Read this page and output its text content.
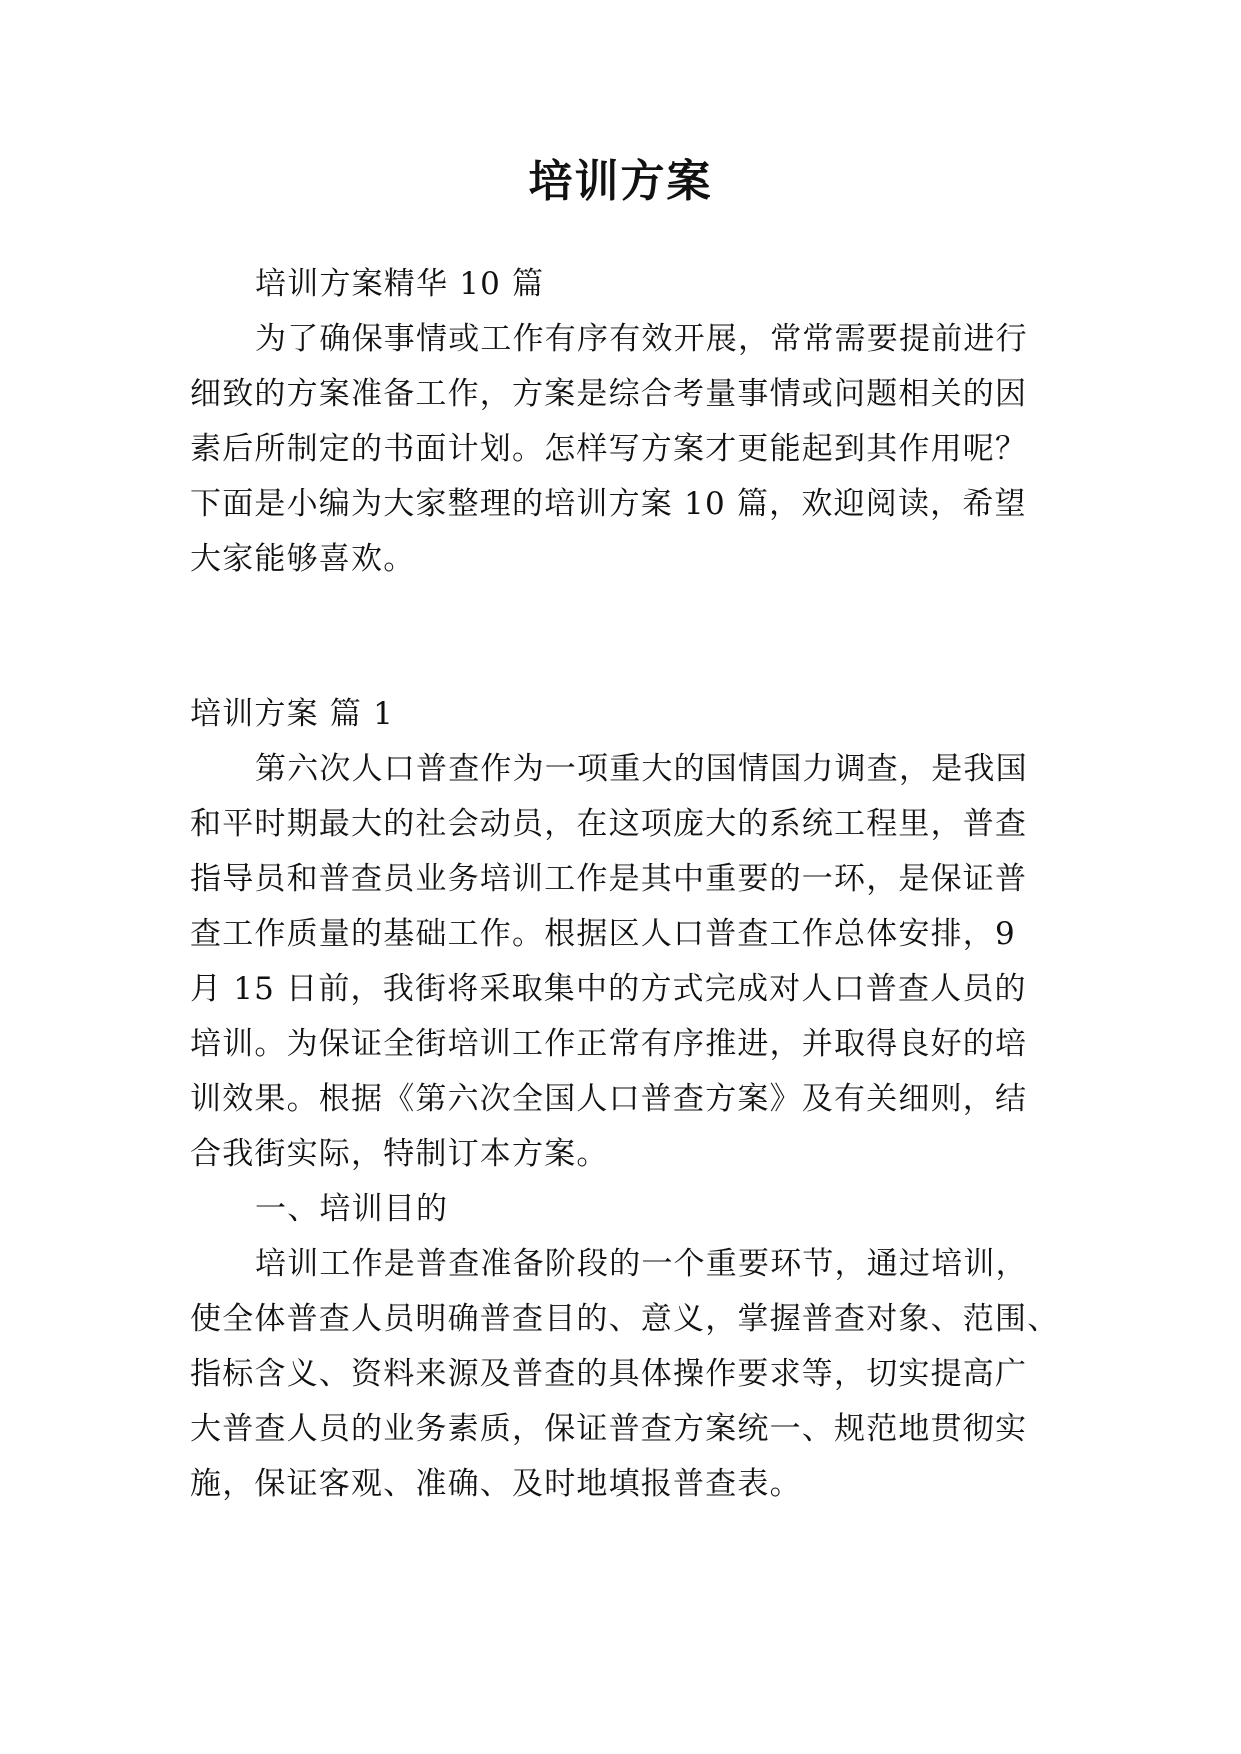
培训方案
培训方案精华 10 篇
为了确保事情或工作有序有效开展，常常需要提前进行
细致的方案准备工作，方案是综合考量事情或问题相关的因
素后所制定的书面计划。怎样写方案才更能起到其作用呢？
下面是小编为大家整理的培训方案 10 篇，欢迎阅读，希望
大家能够喜欢。
培训方案 篇 1
第六次人口普查作为一项重大的国情国力调查，是我国
和平时期最大的社会动员，在这项庞大的系统工程里，普查
指导员和普查员业务培训工作是其中重要的一环，是保证普
查工作质量的基础工作。根据区人口普查工作总体安排，9
月 15 日前，我街将采取集中的方式完成对人口普查人员的
培训。为保证全街培训工作正常有序推进，并取得良好的培
训效果。根据《第六次全国人口普查方案》及有关细则，结
合我街实际，特制订本方案。
一、培训目的
培训工作是普查准备阶段的一个重要环节，通过培训，
使全体普查人员明确普查目的、意义，掌握普查对象、范围、
指标含义、资料来源及普查的具体操作要求等，切实提高广
大普查人员的业务素质，保证普查方案统一、规范地贯彻实
施，保证客观、准确、及时地填报普查表。
